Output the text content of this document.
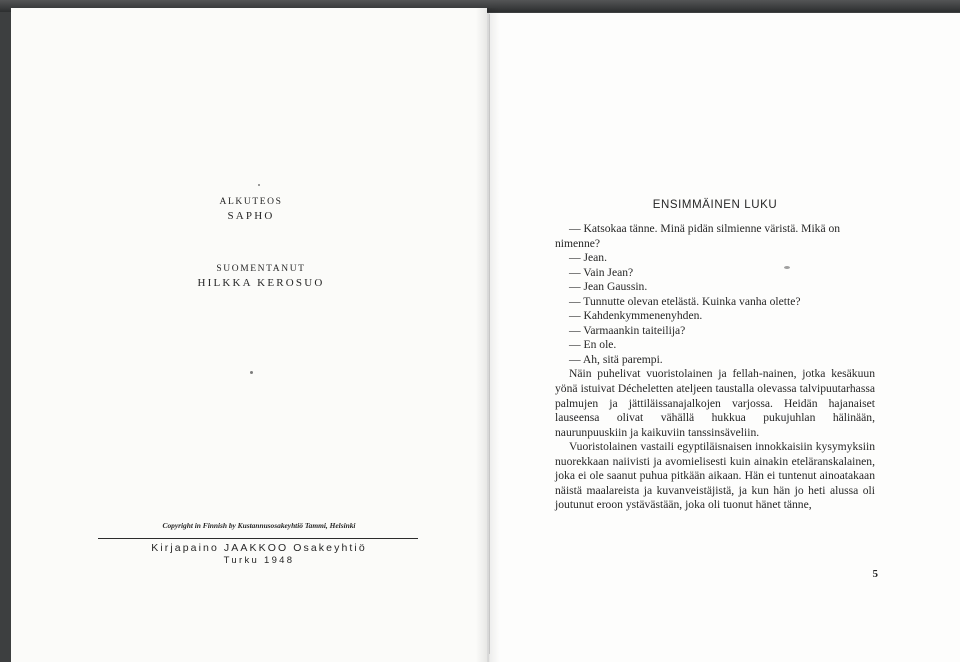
ALKUTEOS
SAPHO
SUOMENTANUT
HILKKA KEROSUO
Copyright in Finnish by Kustannusosakeyhtiö Tammi, Helsinki
Kirjapaino JAAKKOO Osakeyhtiö
Turku 1948
ENSIMMÄINEN LUKU

— Katsokaa tänne. Minä pidän silmienne väristä. Mikä on nimenne?

— Jean.

— Vain Jean?

— Jean Gaussin.

— Tunnutte olevan etelästä. Kuinka vanha olette?

— Kahdenkymmenenyhden.

— Varmaankin taiteilija?

— En ole.

— Ah, sitä parempi.

Näin puhelivat vuoristolainen ja fellah-nainen, jotka kesäkuun yönä istuivat Décheletten ateljeen taustalla olevassa talvipuutarhassa palmujen ja jättiläissanajalkojen varjossa. Heidän hajanaiset lauseensa olivat vähällä hukkua pukujuhlan hälinään, naurunpuuskiin ja kaikuviin tanssinsäveliin.

Vuoristolainen vastaili egyptiläisnaisen innokkaisiin kysymyksiin nuorekkaan naiivisti ja avomielisesti kuin ainakin eteläranskalainen, joka ei ole saanut puhua pitkään aikaan. Hän ei tuntenut ainoatakaan näistä maalareista ja kuvanveistäjistä, ja kun hän jo heti alussa oli joutunut eroon ystävästään, joka oli tuonut hänet tänne,

5
